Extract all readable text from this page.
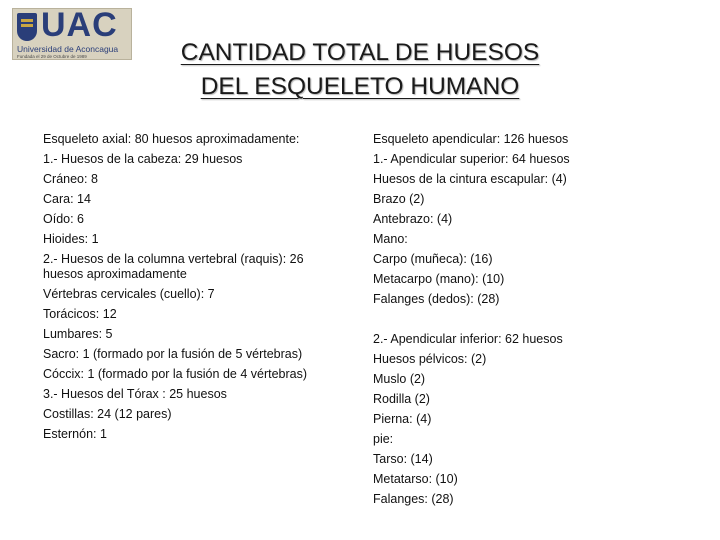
UAC
Universidad de Aconcagua
Fundada el 29 de Octubre de 1989	CANTIDAD TOTAL DE HUESOS
DEL ESQUELETO HUMANO
Esqueleto axial: 80 huesos aproximadamente:
1.- Huesos de la cabeza: 29 huesos
Cráneo: 8
Cara: 14
Oído: 6
Hioides: 1
2.- Huesos de la columna vertebral (raquis): 26 huesos aproximadamente
Vértebras cervicales (cuello): 7
Torácicos: 12
Lumbares: 5
Sacro: 1 (formado por la fusión de 5 vértebras)
Cóccix: 1 (formado por la fusión de 4 vértebras)
3.- Huesos del Tórax : 25 huesos
Costillas: 24 (12 pares)
Esternón: 1
Esqueleto apendicular: 126 huesos
1.- Apendicular superior: 64 huesos
Huesos de la cintura escapular: (4)
Brazo (2)
Antebrazo: (4)
Mano:
Carpo (muñeca): (16)
Metacarpo (mano): (10)
Falanges (dedos): (28)
2.- Apendicular inferior: 62 huesos
Huesos pélvicos: (2)
Muslo (2)
Rodilla (2)
Pierna: (4)
pie:
Tarso: (14)
Metatarso: (10)
Falanges: (28)
